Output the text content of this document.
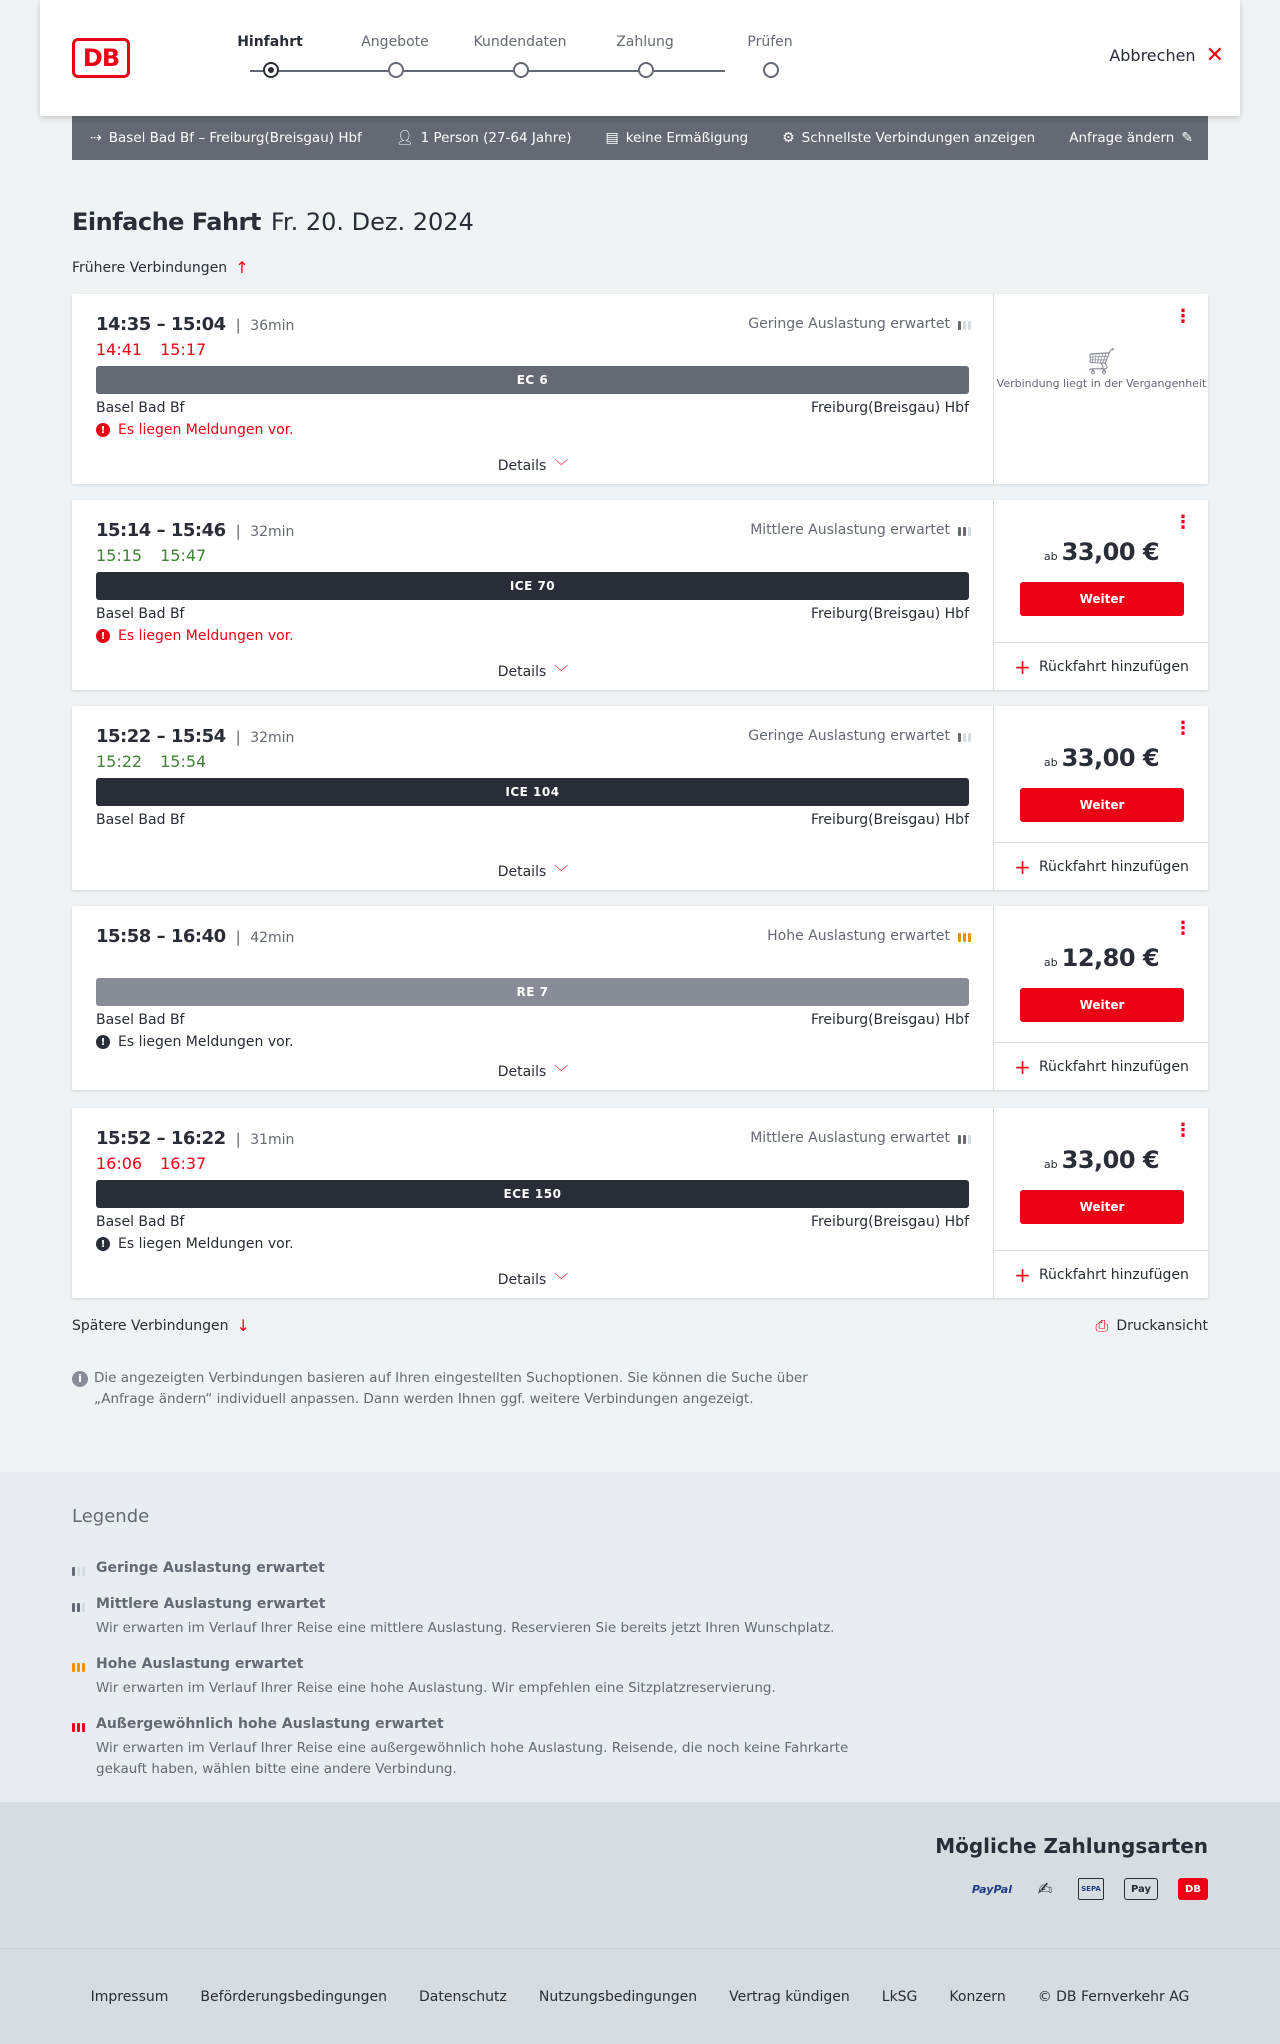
DB
Hinfahrt	Angebote	Kundendaten	Zahlung	Prüfen
Abbrechen ✕
⇢ Basel Bad Bf – Freiburg(Breisgau) Hbf 👤︎ 1 Person (27-64 Jahre) ▤ keine Ermäßigung ⚙︎ Schnellste Verbindungen anzeigen	Anfrage ändern ✎
Einfache Fahrt Fr. 20. Dez. 2024
Frühere Verbindungen ↑
14:35 – 15:04 | 36min
14:41 15:17
Geringe Auslastung erwartet
EC 6
Basel Bad Bf	Freiburg(Breisgau) Hbf
! Es liegen Meldungen vor.
Details ﹀
⋮
🛒︎
Verbindung liegt in der Vergangenheit
15:14 – 15:46 | 32min
15:15 15:47
Mittlere Auslastung erwartet
ICE 70
Basel Bad Bf	Freiburg(Breisgau) Hbf
! Es liegen Meldungen vor.
Details ﹀
⋮
ab 33,00 €
Weiter
+ Rückfahrt hinzufügen
15:22 – 15:54 | 32min
15:22 15:54
Geringe Auslastung erwartet
ICE 104
Basel Bad Bf	Freiburg(Breisgau) Hbf
Details ﹀
⋮
ab 33,00 €
Weiter
+ Rückfahrt hinzufügen
15:58 – 16:40 | 42min	Hohe Auslastung erwartet
RE 7
Basel Bad Bf	Freiburg(Breisgau) Hbf
! Es liegen Meldungen vor.
Details ﹀
⋮
ab 12,80 €
Weiter
+ Rückfahrt hinzufügen
15:52 – 16:22 | 31min
16:06 16:37
Mittlere Auslastung erwartet
ECE 150
Basel Bad Bf	Freiburg(Breisgau) Hbf
! Es liegen Meldungen vor.
Details ﹀
⋮
ab 33,00 €
Weiter
+ Rückfahrt hinzufügen
Spätere Verbindungen ↓	⎙ Druckansicht
i Die angezeigten Verbindungen basieren auf Ihren eingestellten Suchoptionen. Sie können die Suche über „Anfrage ändern“ individuell anpassen. Dann werden Ihnen ggf. weitere Verbindungen angezeigt.
Legende
Geringe Auslastung erwartet
Mittlere Auslastung erwartet

Wir erwarten im Verlauf Ihrer Reise eine mittlere Auslastung. Reservieren Sie bereits jetzt Ihren Wunschplatz.

Hohe Auslastung erwartet

Wir erwarten im Verlauf Ihrer Reise eine hohe Auslastung. Wir empfehlen eine Sitzplatzreservierung.

Außergewöhnlich hohe Auslastung erwartet

Wir erwarten im Verlauf Ihrer Reise eine außergewöhnlich hohe Auslastung. Reisende, die noch keine Fahrkarte gekauft haben, wählen bitte eine andere Verbindung.

Mögliche Zahlungsarten
PayPal	✍	SEPA	Pay	DB
Impressum Beförderungsbedingungen Datenschutz Nutzungsbedingungen Vertrag kündigen LkSG Konzern © DB Fernverkehr AG
